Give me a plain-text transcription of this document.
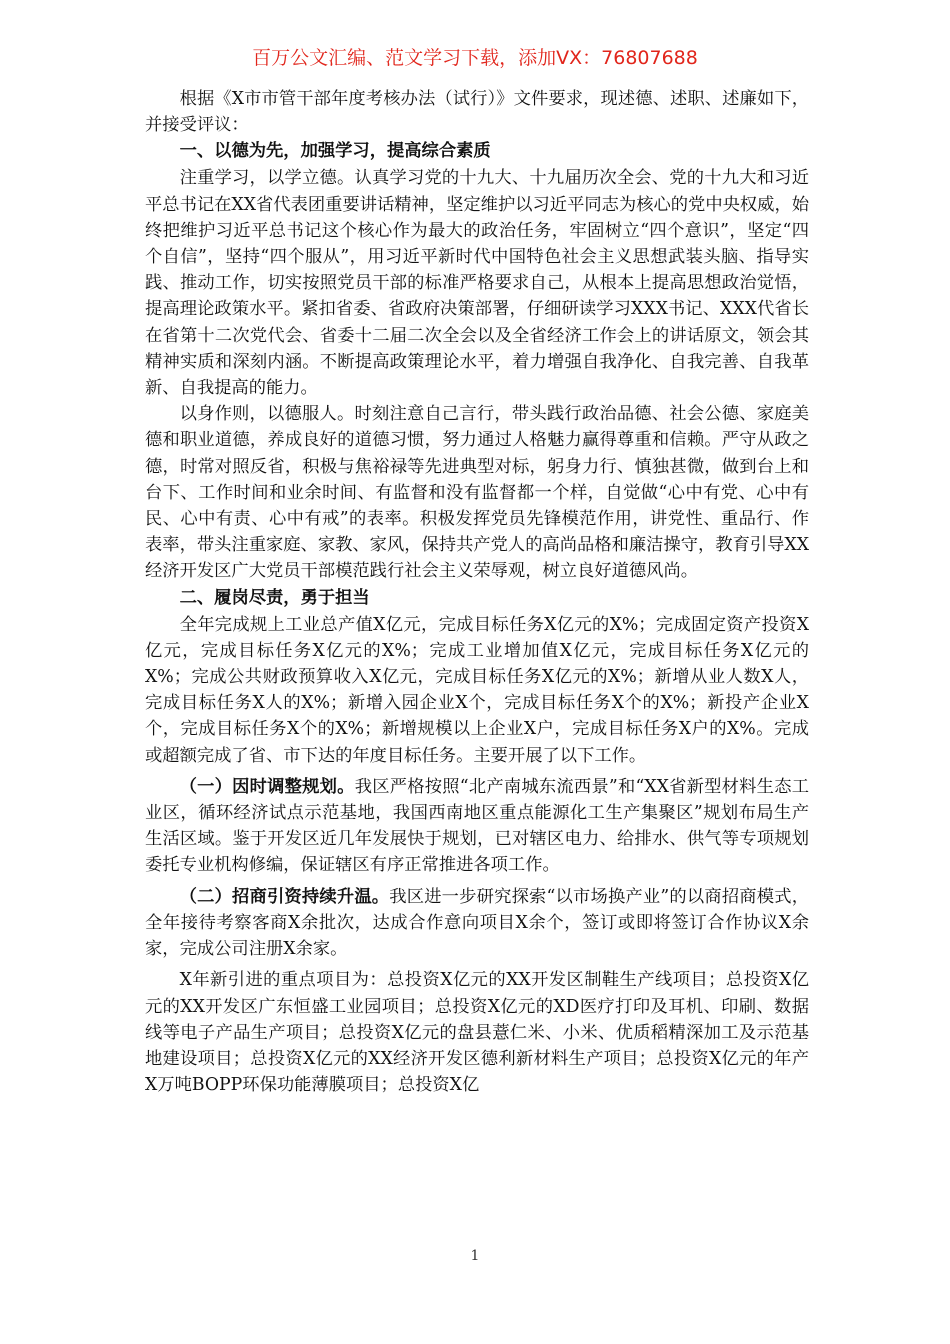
百万公文汇编、范文学习下载，添加VX：76807688

根据《X市市管干部年度考核办法（试行）》文件要求，现述德、述职、述廉如下，并接受评议：

一、以德为先，加强学习，提高综合素质

注重学习，以学立德。认真学习党的十九大、十九届历次全会、党的十九大和习近平总书记在XX省代表团重要讲话精神，坚定维护以习近平同志为核心的党中央权威，始终把维护习近平总书记这个核心作为最大的政治任务，牢固树立“四个意识”，坚定“四个自信”，坚持“四个服从”，用习近平新时代中国特色社会主义思想武装头脑、指导实践、推动工作，切实按照党员干部的标准严格要求自己，从根本上提高思想政治觉悟，提高理论政策水平。紧扣省委、省政府决策部署，仔细研读学习XXX书记、XXX代省长在省第十二次党代会、省委十二届二次全会以及全省经济工作会上的讲话原文，领会其精神实质和深刻内涵。不断提高政策理论水平，着力增强自我净化、自我完善、自我革新、自我提高的能力。

以身作则，以德服人。时刻注意自己言行，带头践行政治品德、社会公德、家庭美德和职业道德，养成良好的道德习惯，努力通过人格魅力赢得尊重和信赖。严守从政之德，时常对照反省，积极与焦裕禄等先进典型对标，躬身力行、慎独甚微，做到台上和台下、工作时间和业余时间、有监督和没有监督都一个样，自觉做“心中有党、心中有民、心中有责、心中有戒”的表率。积极发挥党员先锋模范作用，讲党性、重品行、作表率，带头注重家庭、家教、家风，保持共产党人的高尚品格和廉洁操守，教育引导XX经济开发区广大党员干部模范践行社会主义荣辱观，树立良好道德风尚。

二、履岗尽责，勇于担当

全年完成规上工业总产值X亿元，完成目标任务X亿元的X%；完成固定资产投资X亿元，完成目标任务X亿元的X%；完成工业增加值X亿元，完成目标任务X亿元的X%；完成公共财政预算收入X亿元，完成目标任务X亿元的X%；新增从业人数X人，完成目标任务X人的X%；新增入园企业X个，完成目标任务X个的X%；新投产企业X个，完成目标任务X个的X%；新增规模以上企业X户，完成目标任务X户的X%。完成或超额完成了省、市下达的年度目标任务。主要开展了以下工作。

（一）因时调整规划。我区严格按照“北产南城东流西景”和“XX省新型材料生态工业区，循环经济试点示范基地，我国西南地区重点能源化工生产集聚区”规划布局生产生活区域。鉴于开发区近几年发展快于规划，已对辖区电力、给排水、供气等专项规划委托专业机构修编，保证辖区有序正常推进各项工作。

（二）招商引资持续升温。我区进一步研究探索“以市场换产业”的以商招商模式，全年接待考察客商X余批次，达成合作意向项目X余个，签订或即将签订合作协议X余家，完成公司注册X余家。

X年新引进的重点项目为：总投资X亿元的XX开发区制鞋生产线项目；总投资X亿元的XX开发区广东恒盛工业园项目；总投资X亿元的XD医疗打印及耳机、印刷、数据线等电子产品生产项目；总投资X亿元的盘县薏仁米、小米、优质稻精深加工及示范基地建设项目；总投资X亿元的XX经济开发区德利新材料生产项目；总投资X亿元的年产X万吨BOPP环保功能薄膜项目；总投资X亿

1
